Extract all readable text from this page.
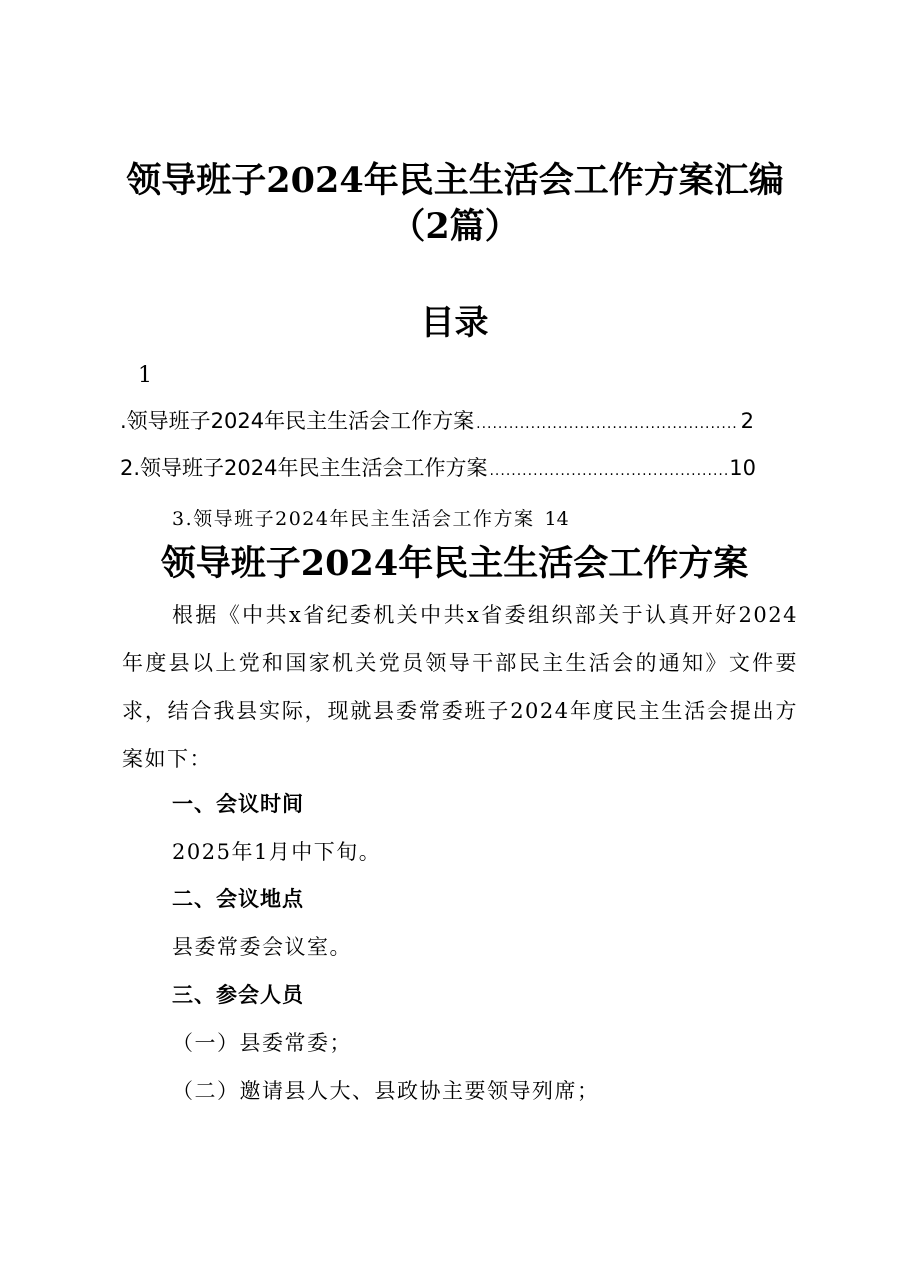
领导班子2024年民主生活会工作方案汇编（2篇）
目录
1
.领导班子2024年民主生活会工作方案 .....	2
2.领导班子2024年民主生活会工作方案 .....	10
3.领导班子2024年民主生活会工作方案 14
领导班子2024年民主生活会工作方案

根据《中共x省纪委机关中共x省委组织部关于认真开好2024年度县以上党和国家机关党员领导干部民主生活会的通知》文件要求，结合我县实际，现就县委常委班子2024年度民主生活会提出方案如下：

一、会议时间

2025年1月中下旬。

二、会议地点

县委常委会议室。

三、参会人员

（一）县委常委；

（二）邀请县人大、县政协主要领导列席；
